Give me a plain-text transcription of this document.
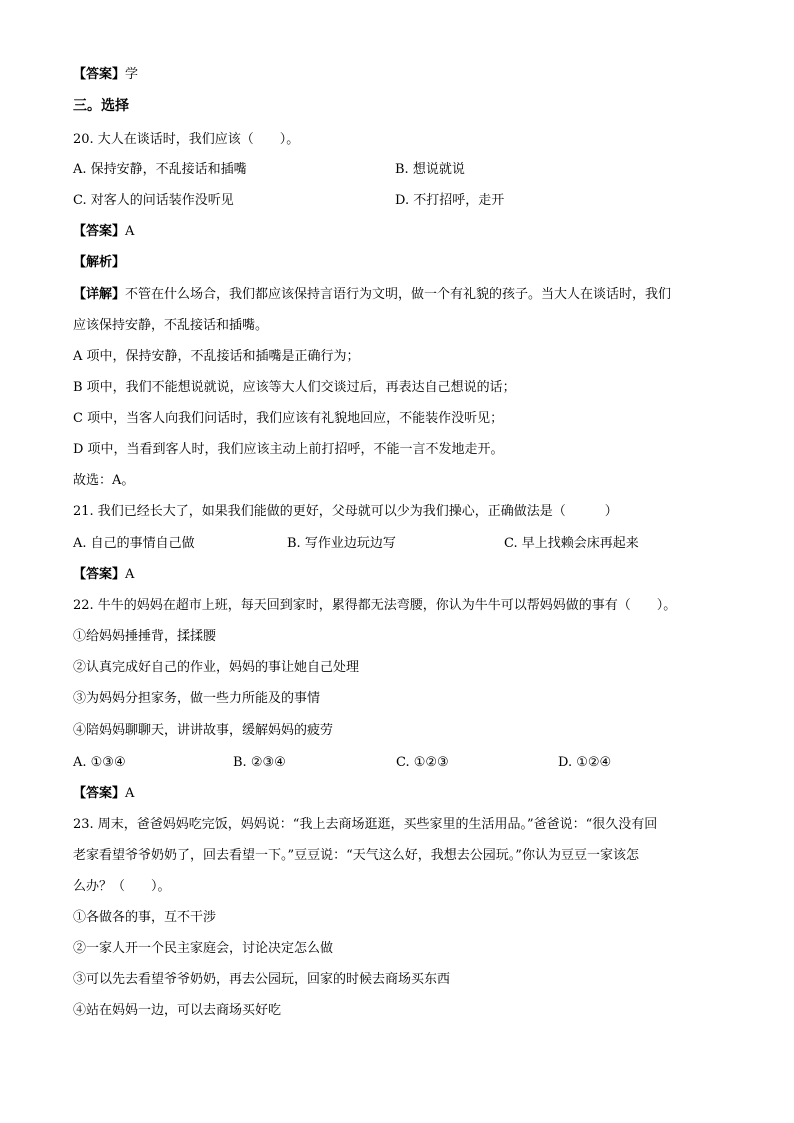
【答案】学
三。选择
20. 大人在谈话时，我们应该（　　）。
A. 保持安静，不乱接话和插嘴	B. 想说就说
C. 对客人的问话装作没听见	D. 不打招呼，走开
【答案】A
【解析】
【详解】不管在什么场合，我们都应该保持言语行为文明，做一个有礼貌的孩子。当大人在谈话时，我们
应该保持安静，不乱接话和插嘴。
A 项中，保持安静，不乱接话和插嘴是正确行为；
B 项中，我们不能想说就说，应该等大人们交谈过后，再表达自己想说的话；
C 项中，当客人向我们问话时，我们应该有礼貌地回应，不能装作没听见；
D 项中，当看到客人时，我们应该主动上前打招呼，不能一言不发地走开。
故选：A。
21. 我们已经长大了，如果我们能做的更好，父母就可以少为我们操心，正确做法是（　　　）
A. 自己的事情自己做	B. 写作业边玩边写	C. 早上找赖会床再起来
【答案】A
22. 牛牛的妈妈在超市上班，每天回到家时，累得都无法弯腰，你认为牛牛可以帮妈妈做的事有（　　）。
①给妈妈捶捶背，揉揉腰
②认真完成好自己的作业，妈妈的事让她自己处理
③为妈妈分担家务，做一些力所能及的事情
④陪妈妈聊聊天，讲讲故事，缓解妈妈的疲劳
A. ①③④	B. ②③④	C. ①②③	D. ①②④
【答案】A
23. 周末，爸爸妈妈吃完饭，妈妈说：“我上去商场逛逛，买些家里的生活用品。”爸爸说：“很久没有回
老家看望爷爷奶奶了，回去看望一下。”豆豆说：“天气这么好，我想去公园玩。”你认为豆豆一家该怎
么办？（　　）。
①各做各的事，互不干涉
②一家人开一个民主家庭会，讨论决定怎么做
③可以先去看望爷爷奶奶，再去公园玩，回家的时候去商场买东西
④站在妈妈一边，可以去商场买好吃
